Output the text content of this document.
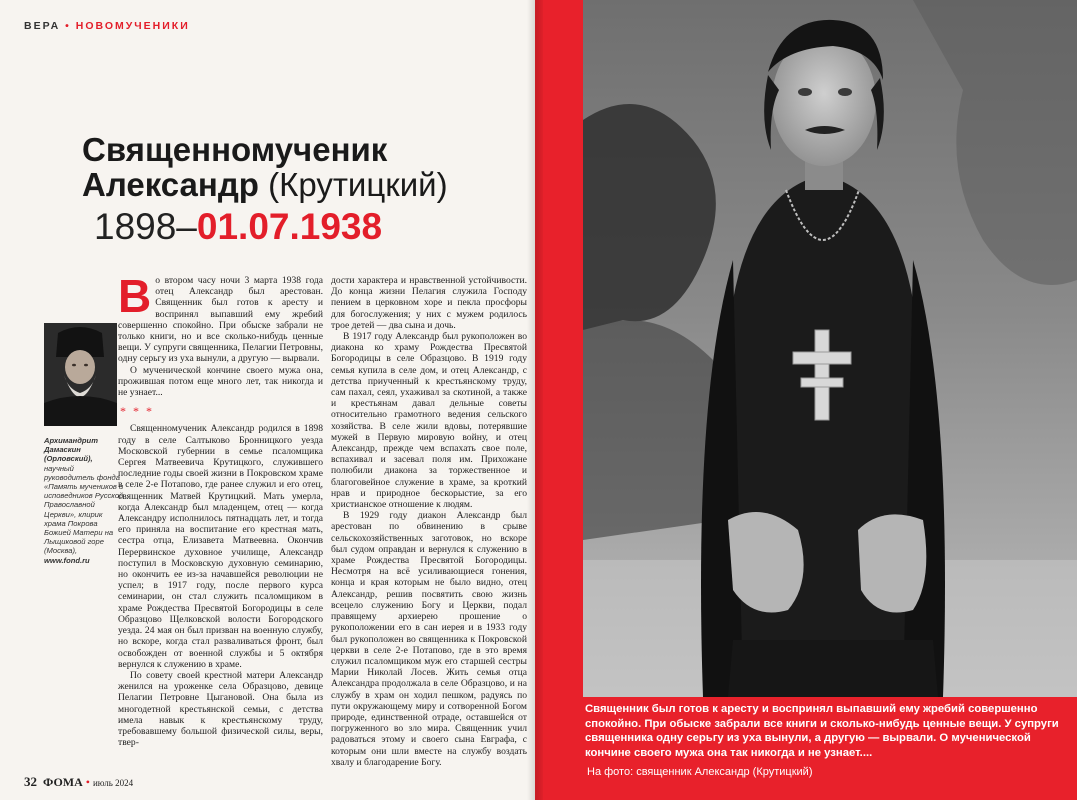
ВЕРА • НОВОМУЧЕНИКИ
Священномученик
Александр (Крутицкий)
1898–01.07.1938
Архимандрит Дамаскин (Орловский),
научный руководитель фонда «Память мучеников и исповедников Русской Православной Церкви», клирик храма Покрова Божией Матери на Лыщиковой горе (Москва),
www.fond.ru

Во втором часу ночи 3 марта 1938 года отец Александр был арестован. Священник был готов к аресту и воспринял выпавший ему жребий совершенно спокойно. При обыске забрали не только книги, но и все сколько-нибудь ценные вещи. У супруги священника, Пелагии Петровны, одну серьгу из уха вынули, а другую — вырвали.

О мученической кончине своего мужа она, прожившая потом еще много лет, так никогда и не узнает...

* * *

Священномученик Александр родился в 1898 году в селе Салтыково Бронницкого уезда Московской губернии в семье псаломщика Сергея Матвеевича Крутицкого, служившего последние годы своей жизни в Покровском храме в селе 2-е Потапово, где ранее служил и его отец, священник Матвей Крутицкий. Мать умерла, когда Александр был младенцем, отец — когда Александру исполнилось пятнадцать лет, и тогда его приняла на воспитание его крестная мать, сестра отца, Елизавета Матвеевна. Окончив Перервинское духовное училище, Александр поступил в Московскую духовную семинарию, но окончить ее из-за начавшейся революции не успел; в 1917 году, после первого курса семинарии, он стал служить псаломщиком в храме Рождества Пресвятой Богородицы в селе Образцово Щелковской волости Богородского уезда. 24 мая он был призван на военную службу, но вскоре, когда стал разваливаться фронт, был освобожден от военной службы и 5 октября вернулся к служению в храме.

По совету своей крестной матери Александр женился на уроженке села Образцово, девице Пелагии Петровне Цыгановой. Она была из многодетной крестьянской семьи, с детства имела навык к крестьянскому труду, требовавшему большой физической силы, веры, твер-

дости характера и нравственной устойчивости. До конца жизни Пелагия служила Господу пением в церковном хоре и пекла просфоры для богослужения; у них с мужем родилось трое детей — два сына и дочь.

В 1917 году Александр был рукоположен во диакона ко храму Рождества Пресвятой Богородицы в селе Образцово. В 1919 году семья купила в селе дом, и отец Александр, с детства приученный к крестьянскому труду, сам пахал, сеял, ухаживал за скотиной, а также и крестьянам давал дельные советы относительно грамотного ведения сельского хозяйства. В селе жили вдовы, потерявшие мужей в Первую мировую войну, и отец Александр, прежде чем вспахать свое поле, вспахивал и засевал поля им. Прихожане полюбили диакона за торжественное и благоговейное служение в храме, за кроткий нрав и природное бескорыстие, за его христианское отношение к людям.

В 1929 году диакон Александр был арестован по обвинению в срыве сельскохозяйственных заготовок, но вскоре был судом оправдан и вернулся к служению в храме Рождества Пресвятой Богородицы. Несмотря на всё усиливающиеся гонения, конца и края которым не было видно, отец Александр, решив посвятить свою жизнь всецело служению Богу и Церкви, подал правящему архиерею прошение о рукоположении его в сан иерея и в 1933 году был рукоположен во священника к Покровской церкви в селе 2-е Потапово, где в это время служил псаломщиком муж его старшей сестры Марии Николай Лосев. Жить семья отца Александра продолжала в селе Образцово, и на службу в храм он ходил пешком, радуясь по пути окружающему миру и сотворенной Богом природе, единственной отраде, оставшейся от погруженного во зло мира. Священник учил радоваться этому и своего сына Евграфа, с которым они шли вместе на службу воздать хвалу и благодарение Богу.

32 ФОМА • июль 2024
Священник был готов к аресту и воспринял выпавший ему жребий совершенно спокойно. При обыске забрали все книги и сколько-нибудь ценные вещи. У супруги священника одну серьгу из уха вынули, а другую — вырвали. О мученической кончине своего мужа она так никогда и не узнает....
На фото: священник Александр (Крутицкий)
